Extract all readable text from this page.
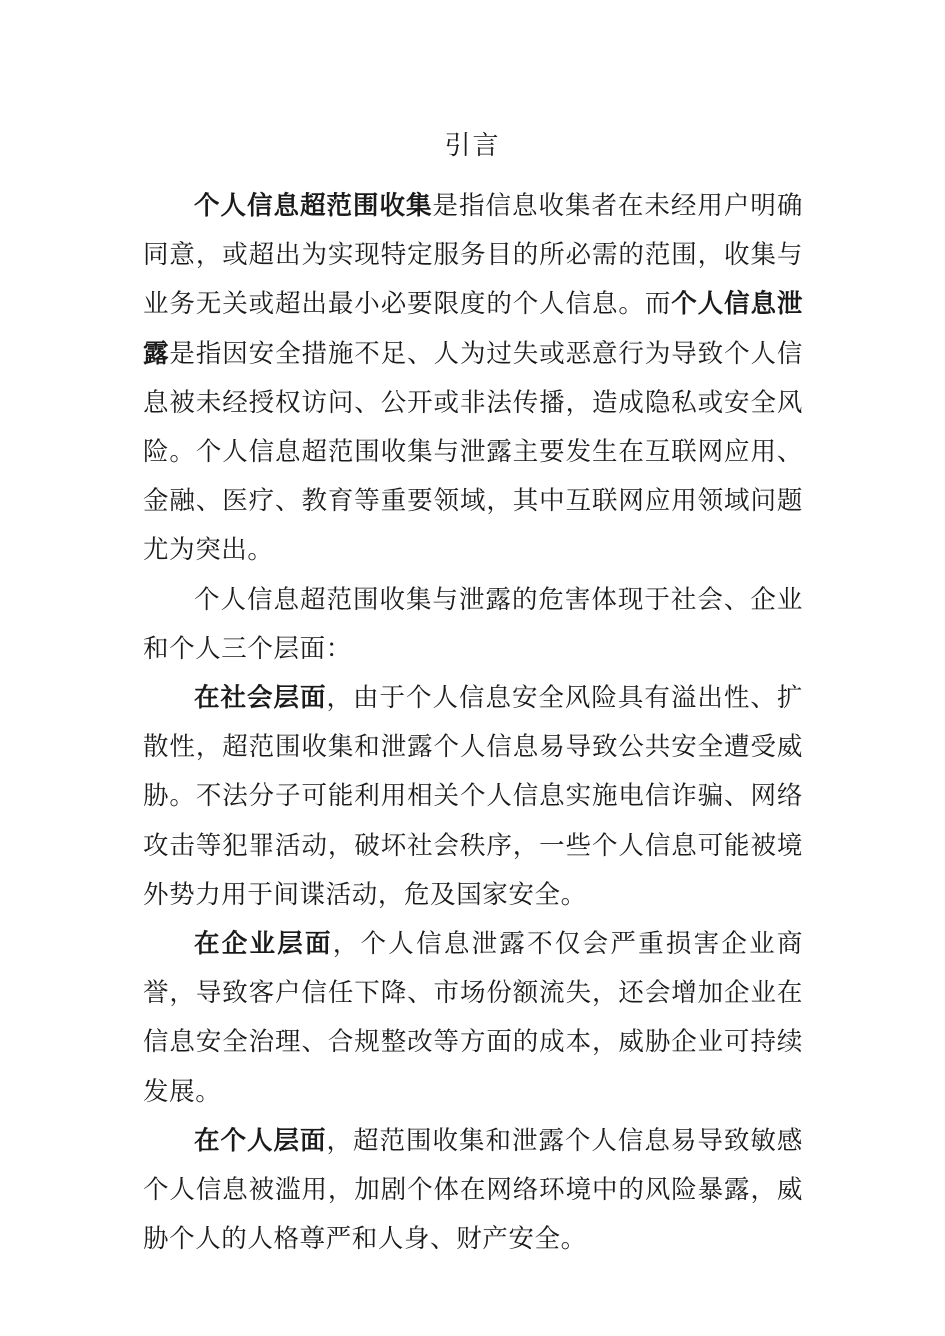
引言

个人信息超范围收集是指信息收集者在未经用户明确同意，或超出为实现特定服务目的所必需的范围，收集与业务无关或超出最小必要限度的个人信息。而个人信息泄露是指因安全措施不足、人为过失或恶意行为导致个人信息被未经授权访问、公开或非法传播，造成隐私或安全风险。个人信息超范围收集与泄露主要发生在互联网应用、金融、医疗、教育等重要领域，其中互联网应用领域问题尤为突出。

个人信息超范围收集与泄露的危害体现于社会、企业和个人三个层面：

在社会层面，由于个人信息安全风险具有溢出性、扩散性，超范围收集和泄露个人信息易导致公共安全遭受威胁。不法分子可能利用相关个人信息实施电信诈骗、网络攻击等犯罪活动，破坏社会秩序，一些个人信息可能被境外势力用于间谍活动，危及国家安全。

在企业层面，个人信息泄露不仅会严重损害企业商誉，导致客户信任下降、市场份额流失，还会增加企业在信息安全治理、合规整改等方面的成本，威胁企业可持续发展。

在个人层面，超范围收集和泄露个人信息易导致敏感个人信息被滥用，加剧个体在网络环境中的风险暴露，威胁个人的人格尊严和人身、财产安全。
